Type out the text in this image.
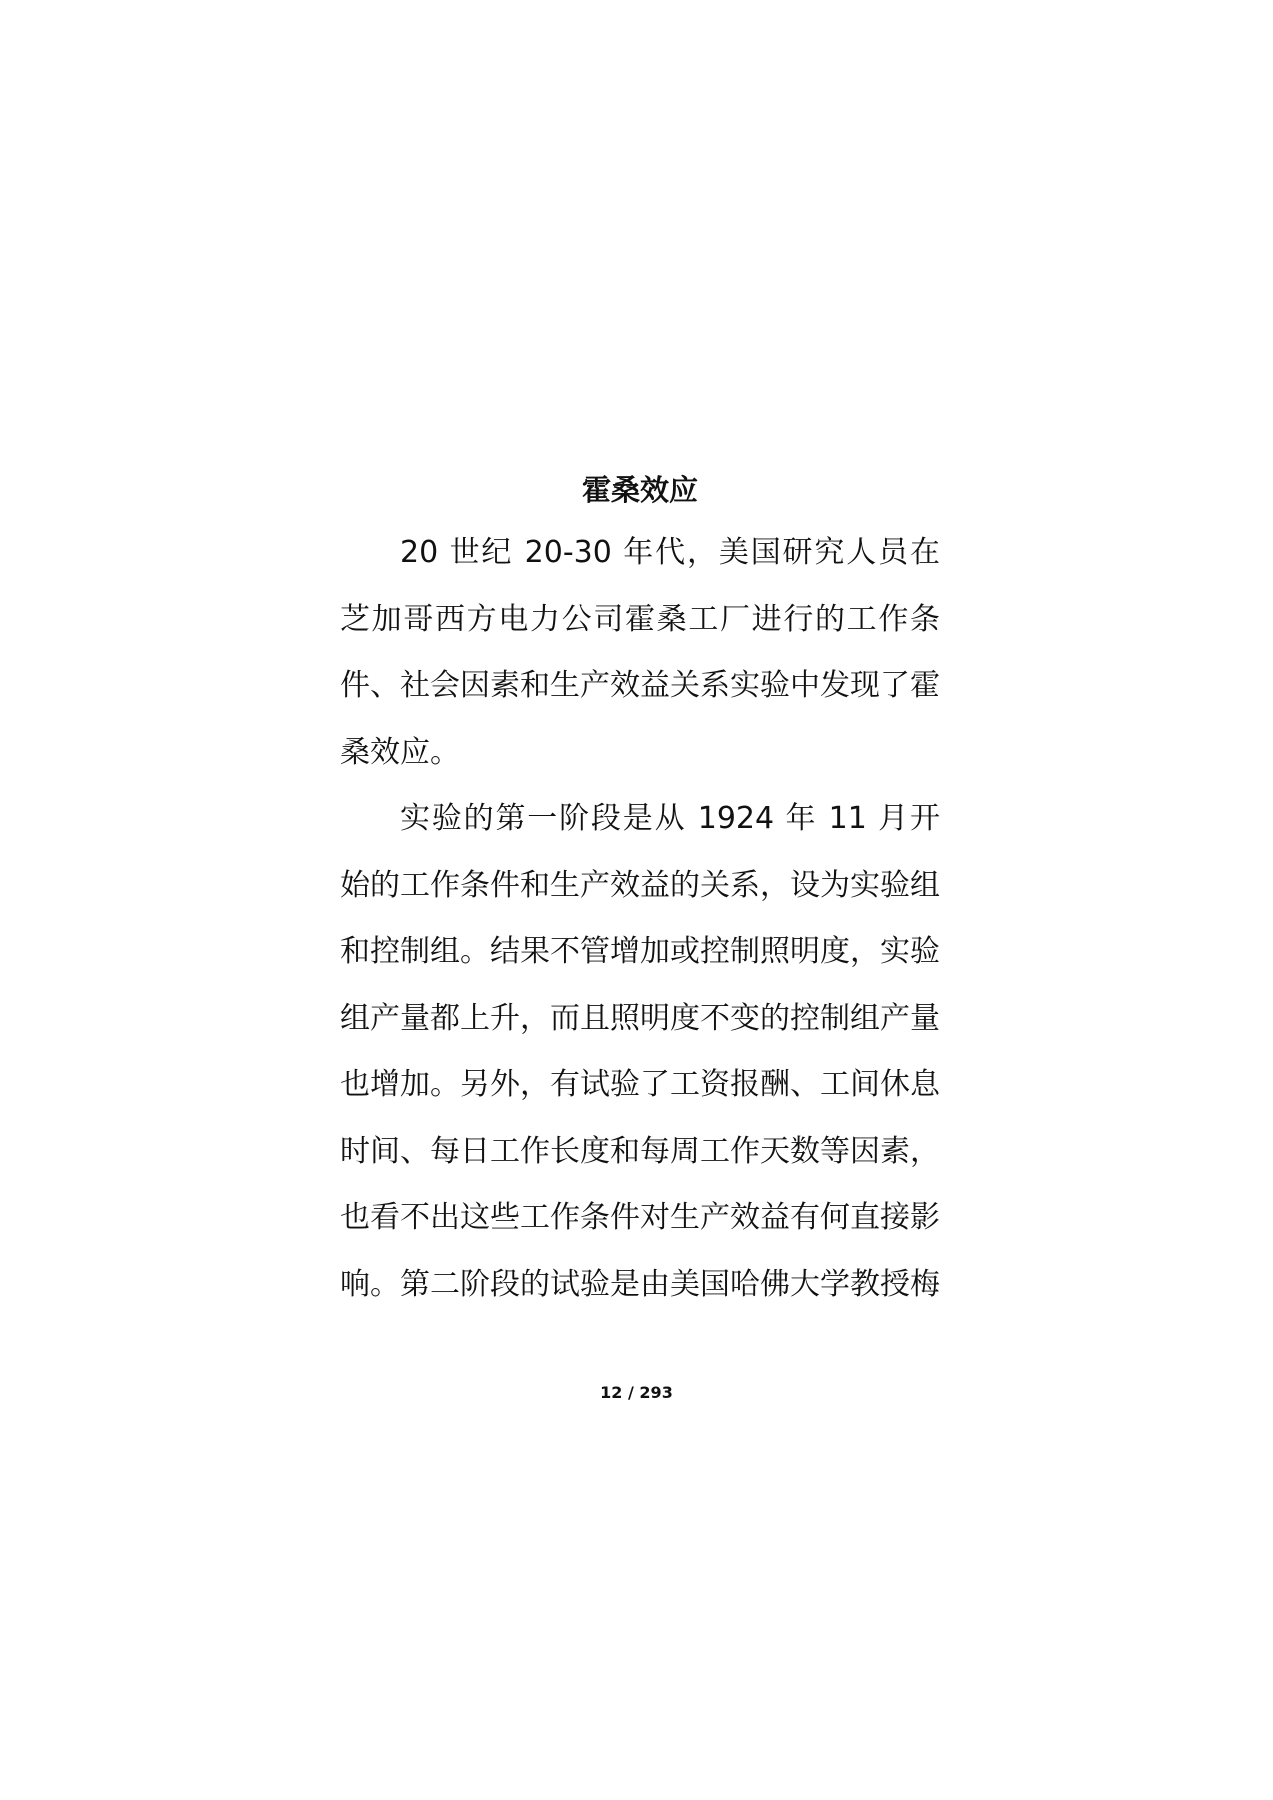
霍桑效应

20 世纪 20-30 年代，美国研究人员在芝加哥西方电力公司霍桑工厂进行的工作条件、社会因素和生产效益关系实验中发现了霍桑效应。

实验的第一阶段是从 1924 年 11 月开始的工作条件和生产效益的关系，设为实验组和控制组。结果不管增加或控制照明度，实验组产量都上升，而且照明度不变的控制组产量也增加。另外，有试验了工资报酬、工间休息时间、每日工作长度和每周工作天数等因素，也看不出这些工作条件对生产效益有何直接影响。第二阶段的试验是由美国哈佛大学教授梅

12 / 293
